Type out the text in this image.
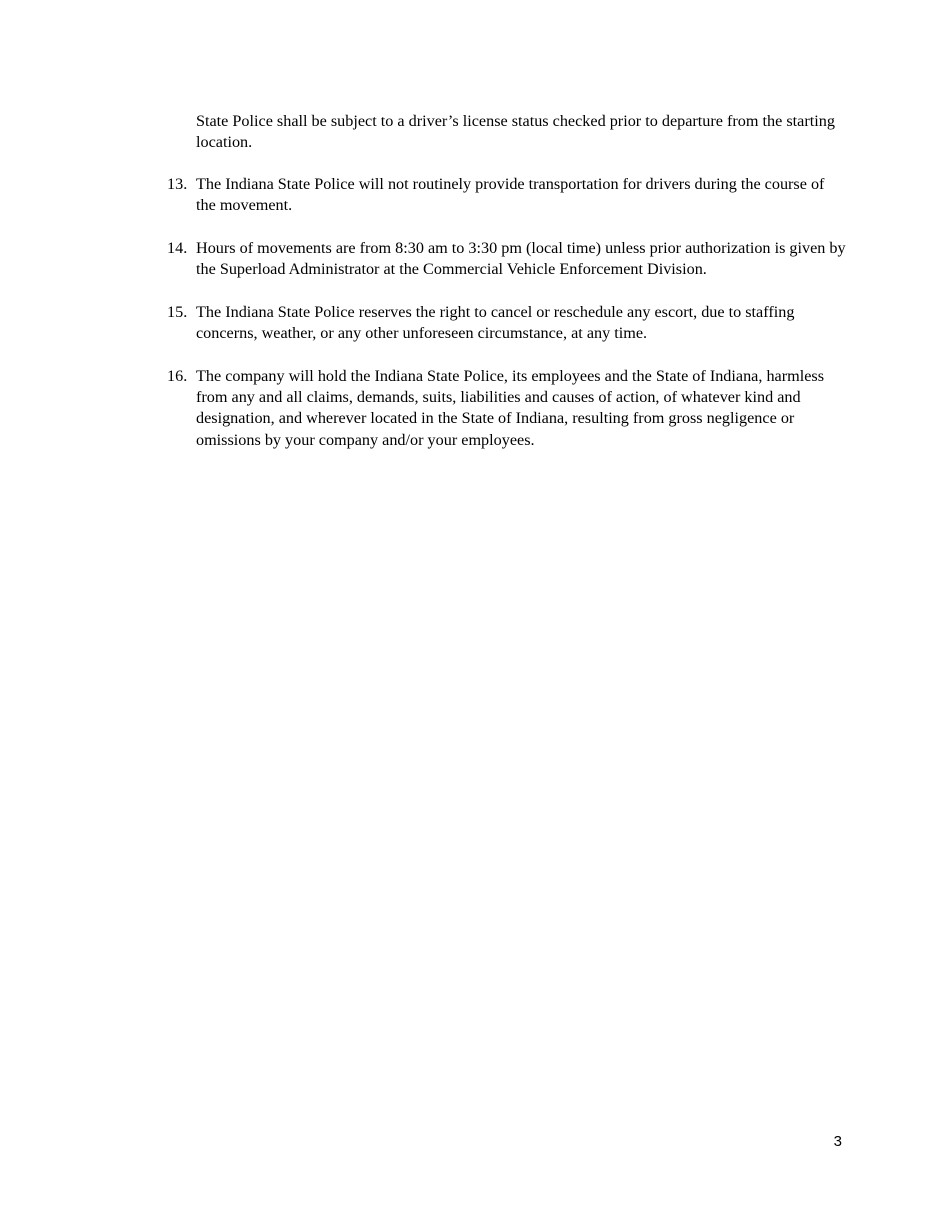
State Police shall be subject to a driver’s license status checked prior to departure from the starting location.

13. The Indiana State Police will not routinely provide transportation for drivers during the course of the movement.
14. Hours of movements are from 8:30 am to 3:30 pm (local time) unless prior authorization is given by the Superload Administrator at the Commercial Vehicle Enforcement Division.
15. The Indiana State Police reserves the right to cancel or reschedule any escort, due to staffing concerns, weather, or any other unforeseen circumstance, at any time.
16. The company will hold the Indiana State Police, its employees and the State of Indiana, harmless from any and all claims, demands, suits, liabilities and causes of action, of whatever kind and designation, and wherever located in the State of Indiana, resulting from gross negligence or omissions by your company and/or your employees.
3
